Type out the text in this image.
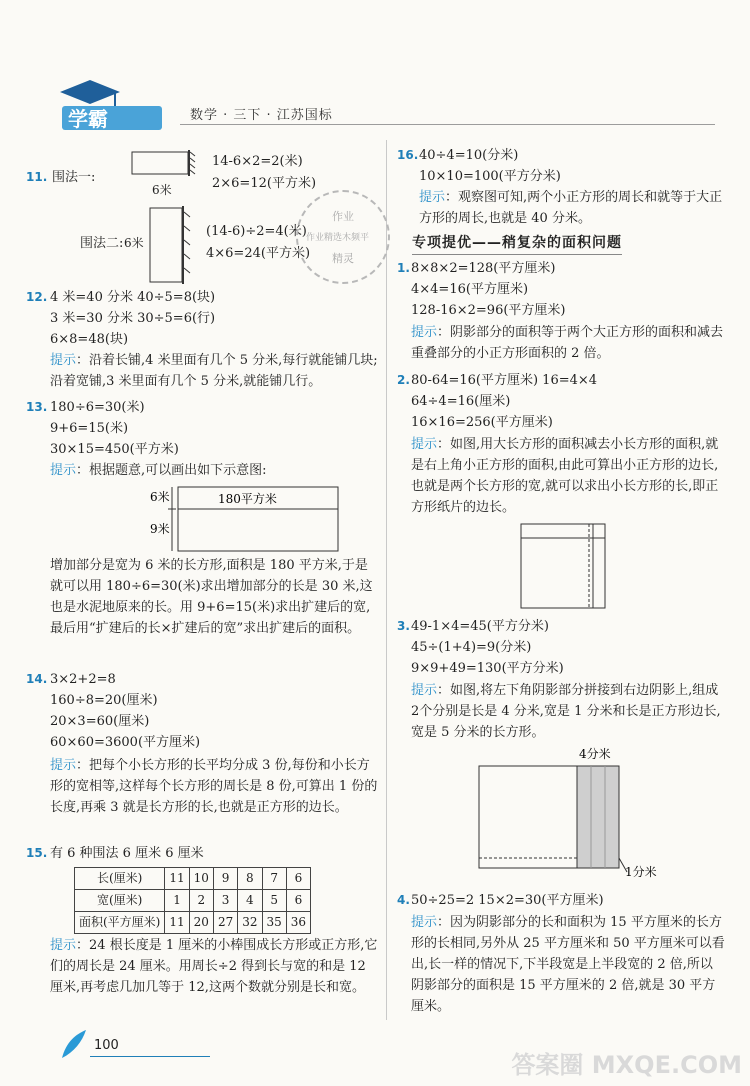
学霸	数学 · 三下 · 江苏国标
11. 围法一:
6米
14-6×2=2(米)
2×6=12(平方米)
围法二: 6米
(14-6)÷2=4(米)
4×6=24(平方米)
12. 4 米=40 分米 40÷5=8(块)
3 米=30 分米 30÷5=6(行)
6×8=48(块)
提示：沿着长铺,4 米里面有几个 5 分米,每行就能铺几块;沿着宽铺,3 米里面有几个 5 分米,就能铺几行。
13. 180÷6=30(米)
9+6=15(米)
30×15=450(平方米)
提示：根据题意,可以画出如下示意图:
6米
9米
180平方米
增加部分是宽为 6 米的长方形,面积是 180 平方米,于是就可以用 180÷6=30(米)求出增加部分的长是 30 米,这也是水泥地原来的长。用 9+6=15(米)求出扩建后的宽,最后用“扩建后的长×扩建后的宽”求出扩建后的面积。
14. 3×2+2=8
160÷8=20(厘米)
20×3=60(厘米)
60×60=3600(平方厘米)
提示：把每个小长方形的长平均分成 3 份,每份和小长方形的宽相等,这样每个长方形的周长是 8 份,可算出 1 份的长度,再乘 3 就是长方形的长,也就是正方形的边长。
15. 有 6 种围法 6 厘米 6 厘米
长(厘米)	11	10	9	8	7	6
宽(厘米)	1	2	3	4	5	6
面积(平方厘米)	11	20	27	32	35	36
提示：24 根长度是 1 厘米的小棒围成长方形或正方形,它们的周长是 24 厘米。用周长÷2 得到长与宽的和是 12 厘米,再考虑几加几等于 12,这两个数就分别是长和宽。
作业
作业精选木频平
精灵
16. 40÷4=10(分米)
10×10=100(平方分米)
提示：观察图可知,两个小正方形的周长和就等于大正方形的周长,也就是 40 分米。
专项提优——稍复杂的面积问题
1. 8×8×2=128(平方厘米)
4×4=16(平方厘米)
128-16×2=96(平方厘米)
提示：阴影部分的面积等于两个大正方形的面积和减去重叠部分的小正方形面积的 2 倍。
2. 80-64=16(平方厘米) 16=4×4
64÷4=16(厘米)
16×16=256(平方厘米)
提示：如图,用大长方形的面积减去小长方形的面积,就是右上角小正方形的面积,由此可算出小正方形的边长,也就是两个长方形的宽,就可以求出小长方形的长,即正方形纸片的边长。
3. 49-1×4=45(平方分米)
45÷(1+4)=9(分米)
9×9+49=130(平方分米)
提示：如图,将左下角阴影部分拼接到右边阴影上,组成2个分别是长是 4 分米,宽是 1 分米和长是正方形边长,宽是 5 分米的长方形。
4分米
1分米
4. 50÷25=2 15×2=30(平方厘米)
提示：因为阴影部分的长和面积为 15 平方厘米的长方形的长相同,另外从 25 平方厘米和 50 平方厘米可以看出,长一样的情况下,下半段宽是上半段宽的 2 倍,所以阴影部分的面积是 15 平方厘米的 2 倍,就是 30 平方厘米。
100
答案圈 MXQE.COM
